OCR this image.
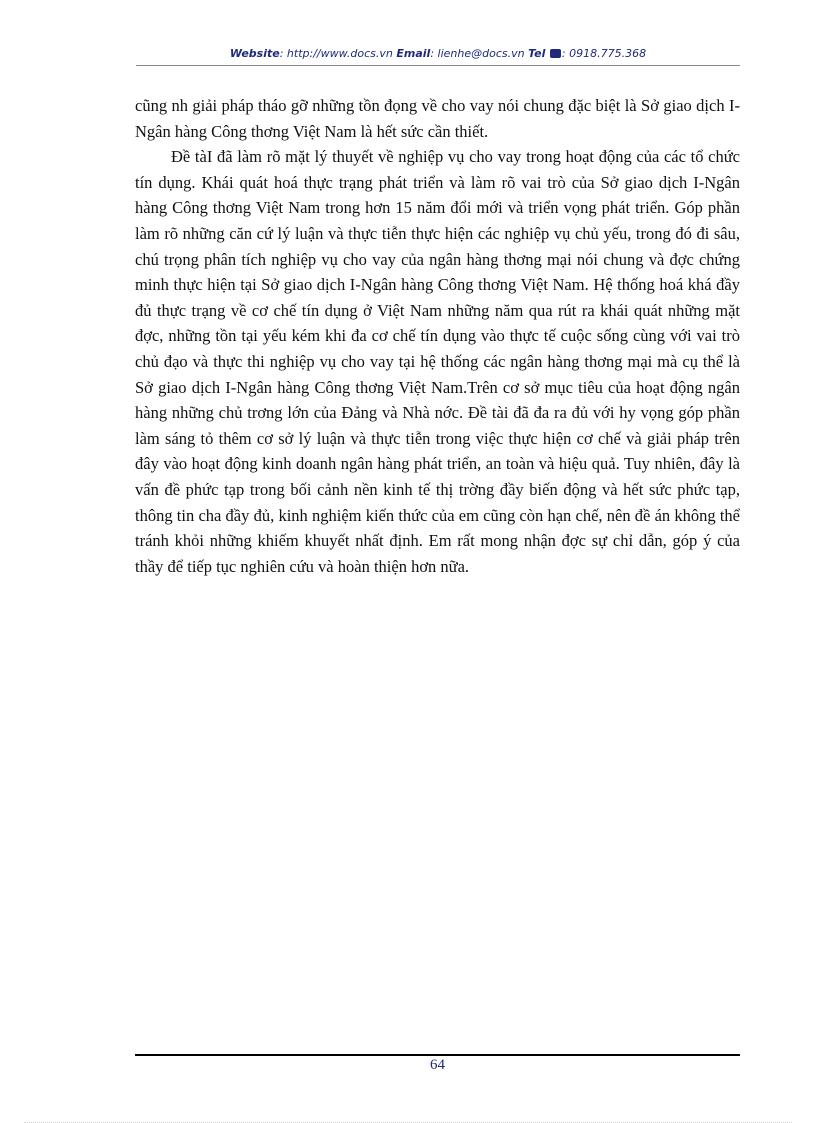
Website: http://www.docs.vn Email: lienhe@docs.vn Tel : 0918.775.368

cũng nh giải pháp tháo gỡ những tồn đọng về cho vay nói chung đặc biệt là Sở giao dịch I- Ngân hàng Công thơng Việt Nam là hết sức cần thiết.

Đề tàI đã làm rõ mặt lý thuyết về nghiệp vụ cho vay trong hoạt động của các tổ chức tín dụng. Khái quát hoá thực trạng phát triển và làm rõ vai trò của Sở giao dịch I-Ngân hàng Công thơng Việt Nam trong hơn 15 năm đổi mới và triển vọng phát triển. Góp phần làm rõ những căn cứ lý luận và thực tiễn thực hiện các nghiệp vụ chủ yếu, trong đó đi sâu, chú trọng phân tích nghiệp vụ cho vay của ngân hàng thơng mại nói chung và đợc chứng minh thực hiện tại Sở giao dịch I-Ngân hàng Công thơng Việt Nam. Hệ thống hoá khá đầy đủ thực trạng về cơ chế tín dụng ở Việt Nam những năm qua rút ra khái quát những mặt đợc, những tồn tại yếu kém khi đa cơ chế tín dụng vào thực tế cuộc sống cùng với vai trò chủ đạo và thực thi nghiệp vụ cho vay tại hệ thống các ngân hàng thơng mại mà cụ thể là Sở giao dịch I-Ngân hàng Công thơng Việt Nam.Trên cơ sở mục tiêu của hoạt động ngân hàng những chủ trơng lớn của Đảng và Nhà nớc. Đề tài đã đa ra đủ với hy vọng góp phần làm sáng tỏ thêm cơ sở lý luận và thực tiễn trong việc thực hiện cơ chế và giải pháp trên đây vào hoạt động kinh doanh ngân hàng phát triển, an toàn và hiệu quả. Tuy nhiên, đây là vấn đề phức tạp trong bối cảnh nền kinh tế thị trờng đầy biến động và hết sức phức tạp, thông tin cha đầy đủ, kinh nghiệm kiến thức của em cũng còn hạn chế, nên đề án không thể tránh khỏi những khiếm khuyết nhất định. Em rất mong nhận đợc sự chỉ dẫn, góp ý của thầy để tiếp tục nghiên cứu và hoàn thiện hơn nữa.

64
